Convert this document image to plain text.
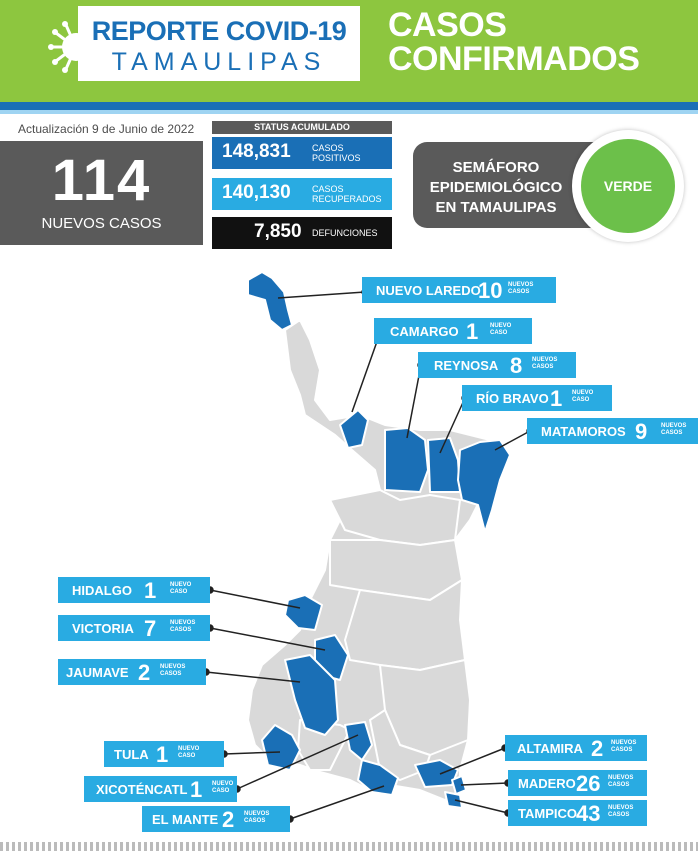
REPORTE COVID-19
TAMAULIPAS
CASOS
CONFIRMADOS
Actualización 9 de Junio de 2022
114
NUEVOS CASOS
STATUS ACUMULADO
148,831 CASOS
POSITIVOS
140,130 CASOS
RECUPERADOS
7,850 DEFUNCIONES
SEMÁFORO
EPIDEMIOLÓGICO
EN TAMAULIPAS
VERDE
NUEVO LAREDO
10 NUEVOS
CASOS
CAMARGO 1 NUEVO
CASO
REYNOSA 8 NUEVOS
CASOS
RÍO BRAVO 1 NUEVO
CASO
MATAMOROS 9 NUEVOS
CASOS
HIDALGO 1 NUEVO
CASO
VICTORIA 7 NUEVOS
CASOS
JAUMAVE 2 NUEVOS
CASOS
TULA 1 NUEVO
CASO
XICOTÉNCATL 1 NUEVO
CASO
EL MANTE 2 NUEVOS
CASOS
ALTAMIRA 2 NUEVOS
CASOS
MADERO 26 NUEVOS
CASOS
TAMPICO 43 NUEVOS
CASOS
